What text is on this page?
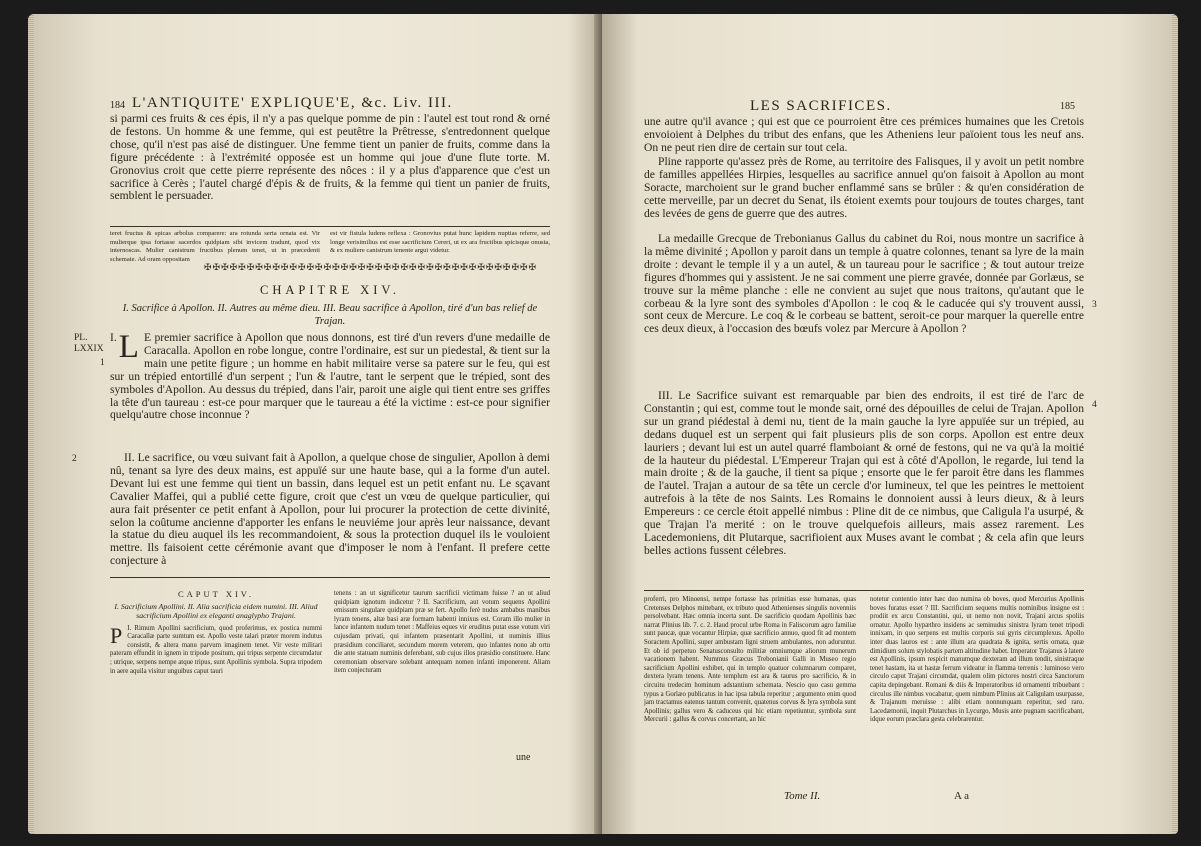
184 L'ANTIQUITE' EXPLIQUE'E, &c. Liv. III.

si parmi ces fruits & ces épis, il n'y a pas quelque pomme de pin : l'autel est tout rond & orné de festons. Un homme & une femme, qui est peutêtre la Prêtresse, s'entredonnent quelque chose, qu'il n'est pas aisé de distinguer. Une femme tient un panier de fruits, comme dans la figure précédente : à l'extrémité opposée est un homme qui joue d'une flute torte. M. Gronovius croit que cette pierre représente des nôces : il y a plus d'apparence que c'est un sacrifice à Cerès ; l'autel chargé d'épis & de fruits, & la femme qui tient un panier de fruits, semblent le persuader.

teret fructus & spicas arbolus comparere: ara rotunda serta ornata est. Vir mulierque ipsa fortasse sacerdos quidpiam sibi invicem tradunt, quod vix internoscas. Mulier canistrum fructibus plenum tenet, ut in præcedenti schemate. Ad oram oppositam

est vir fistula ludens reflexa : Gronovius putat hunc lapidem nuptias referre, sed longe verisimilius est esse sacrificium Cereri, ut ex ara fructibus spicisque onusta, & ex muliere canistrum tenente argui videtur.

✠✠✠✠✠✠✠✠✠✠✠✠✠✠✠✠✠✠✠✠✠✠✠✠✠✠✠✠✠✠✠✠✠✠✠✠✠✠✠
CHAPITRE XIV.

I. Sacrifice à Apollon. II. Autres au même dieu. III. Beau sacrifice à Apollon, tiré d'un bas relief de Trajan.

PL. LXXIX
1
2

I. L E premier sacrifice à Apollon que nous donnons, est tiré d'un revers d'une medaille de Caracalla. Apollon en robe longue, contre l'ordinaire, est sur un piedestal, & tient sur la main une petite figure ; un homme en habit militaire verse sa patere sur le feu, qui est sur un trépied entortillé d'un serpent ; l'un & l'autre, tant le serpent que le trépied, sont des symboles d'Apollon. Au dessus du trépied, dans l'air, paroit une aigle qui tient entre ses griffes la tête d'un taureau : est-ce pour marquer que le taureau a été la victime : est-ce pour signifier quelqu'autre chose inconnue ?

II. Le sacrifice, ou vœu suivant fait à Apollon, a quelque chose de singulier, Apollon à demi nû, tenant sa lyre des deux mains, est appuïé sur une haute base, qui a la forme d'un autel. Devant lui est une femme qui tient un bassin, dans lequel est un petit enfant nu. Le sçavant Cavalier Maffei, qui a publié cette figure, croit que c'est un vœu de quelque particulier, qui aura fait présenter ce petit enfant à Apollon, pour lui procurer la protection de cette divinité, selon la coûtume ancienne d'apporter les enfans le neuviéme jour après leur naissance, devant la statue du dieu auquel ils les recommandoient, & sous la protection duquel ils le vouloient mettre. Ils faisoient cette cérémonie avant que d'imposer le nom à l'enfant. Il prefere cette conjecture à

CAPUT XIV.

I. Sacrificium Apollini. II. Alia sacrificia eidem numini. III. Aliud sacrificium Apollini ex eleganti anaglypho Trajani.

P I. Rimum Apollini sacrificium, quod proferimus, ex postica nummi Caracallæ parte sumtum est. Apollo veste talari præter morem indutus consistit, & altera manu parvum imaginem tenet. Vir veste militari pateram effundit in ignem in tripode positum, qui tripus serpente circumdatur ; utrique, serpens nempe atque tripus, sunt Apollinis symbola. Supra tripodem in aere aquila visitur unguibus caput tauri

tenens : an ut significetur taurum sacrificii victimam fuisse ? an ut aliud quidpiam ignotum indicetur ? II. Sacrificium, aut votum sequens Apollini emissum singulare quidpiam præ se fert. Apollo ferè nudus ambabus manibus lyram tenens, altæ basi aræ formam habenti innixus est. Coram illo mulier in lance infantem nudum tenet : Maffeius eques vir eruditus putat esse votum viri cujusdam privati, qui infantem præsentarit Apollini, ut numinis illius præsidium conciliaret, secundum morem veterem, quo infantes nono ab ortu die ante statuam numinis deferebant, sub cujus illos præsidio constituere. Hanc ceremoniam observare solebant antequam nomen infanti imponerent. Aliam item conjecturam

une
LES SACRIFICES.	185

une autre qu'il avance ; qui est que ce pourroient être ces prémices humaines que les Cretois envoioient à Delphes du tribut des enfans, que les Atheniens leur païoient tous les neuf ans. On ne peut rien dire de certain sur tout cela.

Pline rapporte qu'assez près de Rome, au territoire des Falisques, il y avoit un petit nombre de familles appellées Hirpies, lesquelles au sacrifice annuel qu'on faisoit à Apollon au mont Soracte, marchoient sur le grand bucher enflammé sans se brûler : & qu'en considération de cette merveille, par un decret du Senat, ils étoient exemts pour toujours de toutes charges, tant des levées de gens de guerre que des autres.

La medaille Grecque de Trebonianus Gallus du cabinet du Roi, nous montre un sacrifice à la même divinité ; Apollon y paroit dans un temple à quatre colonnes, tenant sa lyre de la main droite : devant le temple il y a un autel, & un taureau pour le sacrifice ; & tout autour treize figures d'hommes qui y assistent. Je ne sai comment une pierre gravée, donnée par Gorlæus, se trouve sur la même planche : elle ne convient au sujet que nous traitons, qu'autant que le corbeau & la lyre sont des symboles d'Apollon : le coq & le caducée qui s'y trouvent aussi, sont ceux de Mercure. Le coq & le corbeau se battent, seroit-ce pour marquer la querelle entre ces deux dieux, à l'occasion des bœufs volez par Mercure à Apollon ?

3
4

III. Le Sacrifice suivant est remarquable par bien des endroits, il est tiré de l'arc de Constantin ; qui est, comme tout le monde sait, orné des dépouilles de celui de Trajan. Apollon sur un grand piédestal à demi nu, tient de la main gauche la lyre appuïée sur un trépied, au dedans duquel est un serpent qui fait plusieurs plis de son corps. Apollon est entre deux lauriers ; devant lui est un autel quarré flamboiant & orné de festons, qui ne va qu'à la moitié de la hauteur du piédestal. L'Empereur Trajan qui est à côté d'Apollon, le regarde, lui tend la main droite ; & de la gauche, il tient sa pique ; ensorte que le fer paroit être dans les flammes de l'autel. Trajan a autour de sa tête un cercle d'or lumineux, tel que les peintres le mettoient autrefois à la tête de nos Saints. Les Romains le donnoient aussi à leurs dieux, & à leurs Empereurs : ce cercle étoit appellé nimbus : Pline dit de ce nimbus, que Caligula l'a usurpé, & que Trajan l'a merité : on le trouve quelquefois ailleurs, mais assez rarement. Les Lacedemoniens, dit Plutarque, sacrifioient aux Muses avant le combat ; & cela afin que leurs belles actions fussent célebres.

proferri, pro Minoensi, nempe fortasse has primitias esse humanas, quas Cretenses Delphos mittebant, ex tributo quod Athenienses singulis novenniis persolvebant. Hæc omnia incerta sunt. De sacrificio quodam Apollinis hæc narrat Plinius lib. 7. c. 2. Haud procul urbe Roma in Faliscorum agro familiæ sunt paucæ, quæ vocantur Hirpiæ, quæ sacrificio annuo, quod fit ad montem Soractem Apollini, super ambustam ligni struem ambulantes, non aduruntur. Et ob id perpetuo Senatusconsulto militiæ omniumque aliorum munerum vacationem habent. Nummus Græcus Trebonianii Galli in Museo regio sacrificium Apollini exhibet, qui in templo quatuor columnarum comparet, dextera lyram tenens. Ante templum est ara & taurus pro sacrificio, & in circuitu tredecim hominum adstantium schemata. Nescio quo casu gemma typus a Gorlæo publicatus in hac ipsa tabula reperitur ; argumento enim quod jam tractamus eatenus tantum convenit, quatenus corvus & lyra symbola sunt Apollinis; gallus vero & caduceus qui hic etiam repetiuntur, symbola sunt Mercurii : gallus & corvus concertant, an hic

notetur contentio inter hæc duo numina ob boves, quod Mercurius Apollinis boves furatus esset ? III. Sacrificium sequens multis nominibus insigne est : prodiit ex arcu Constantini, qui, ut nemo non novit, Trajani arcus spoliis ornatur. Apollo hypæthro insidens ac seminudus sinistra lyram tenet tripodi innixam, in quo serpens est multis corporis sui gyris circumplexus. Apollo inter duas lauros est : ante illum ara quadrata & ignita, sertis ornata, quæ dimidium solum stylobatis partem altitudine habet. Imperator Trajanus à latere est Apollinis, ipsum respicit manumque dexteram ad illum tendit, sinistraque tenet hastam, ita ut hastæ ferrum videatur in flamma terrenis : luminoso vero circulo caput Trajani circumdat, qualem olim pictores nostri circa Sanctorum capita depingebant. Romani & diis & Imperatoribus id ornamenti tribuebant : circulus ille nimbus vocabatur, quem nimbum Plinius ait Caligulam usurpasse, & Trajanum meruisse : alibi etiam nonnunquam reperitur, sed raro. Lacedæmonii, inquit Plutarchus in Lycurgo, Musis ante pugnam sacrificabant, idque eorum præclara gesta celebrarentur.

Tome II.	A a
